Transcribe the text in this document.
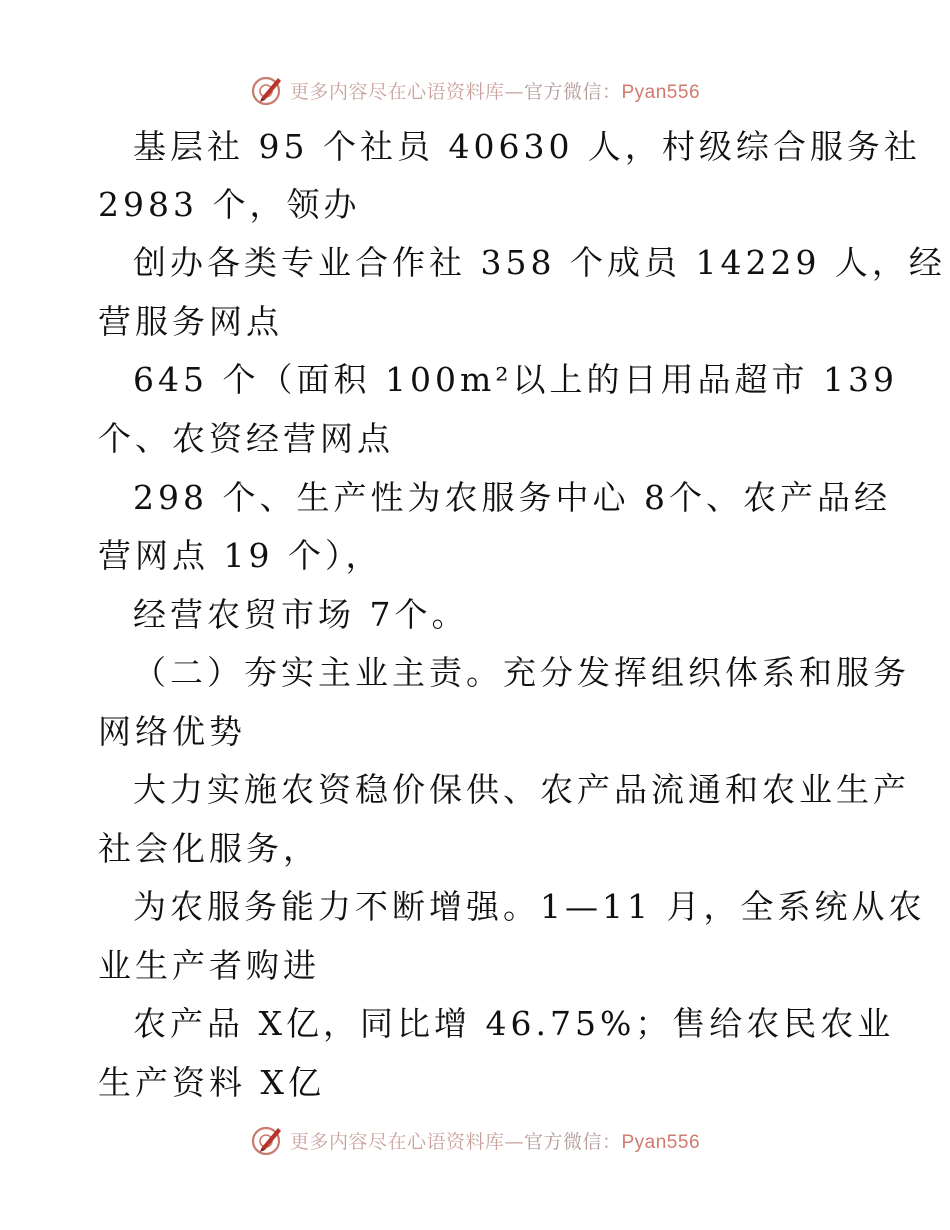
更多内容尽在心语资料库—官方微信：Pyan556
基层社 95 个社员 40630 人，村级综合服务社
2983 个，领办
创办各类专业合作社 358 个成员 14229 人，经
营服务网点
645 个（面积 100m²以上的日用品超市 139
个、农资经营网点
298 个、生产性为农服务中心 8个、农产品经
营网点 19 个），
经营农贸市场 7个。
（二）夯实主业主责。充分发挥组织体系和服务
网络优势
大力实施农资稳价保供、农产品流通和农业生产
社会化服务，
为农服务能力不断增强。1—11 月，全系统从农
业生产者购进
农产品 X亿，同比增 46.75%；售给农民农业
生产资料 X亿
更多内容尽在心语资料库—官方微信：Pyan556
